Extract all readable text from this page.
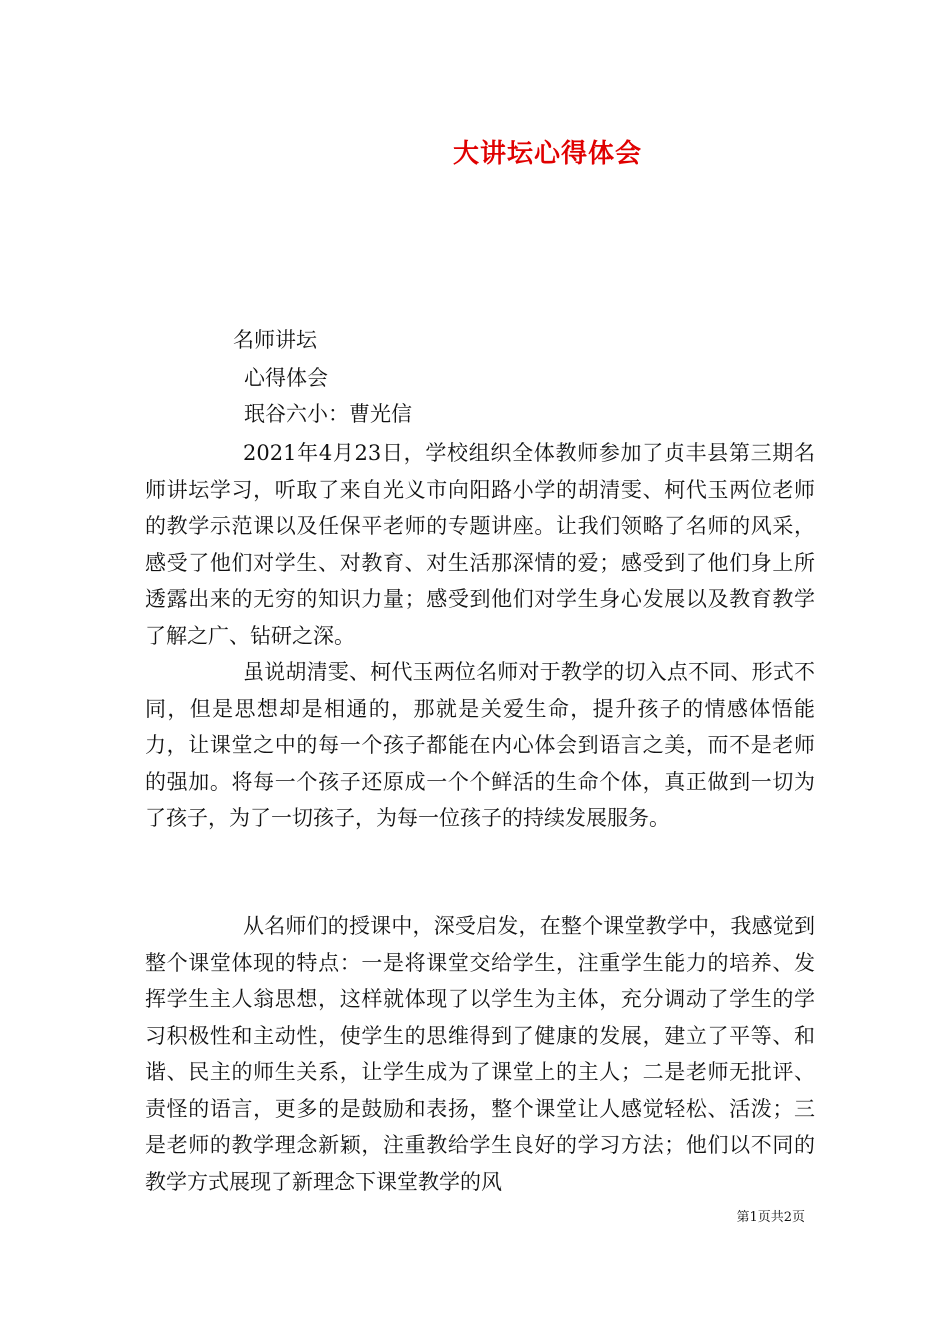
大讲坛心得体会
名师讲坛
心得体会
珉谷六小：曹光信

2021年4月23日，学校组织全体教师参加了贞丰县第三期名师讲坛学习，听取了来自光义市向阳路小学的胡清雯、柯代玉两位老师的教学示范课以及任保平老师的专题讲座。让我们领略了名师的风采，感受了他们对学生、对教育、对生活那深情的爱；感受到了他们身上所透露出来的无穷的知识力量；感受到他们对学生身心发展以及教育教学了解之广、钻研之深。

虽说胡清雯、柯代玉两位名师对于教学的切入点不同、形式不同，但是思想却是相通的，那就是关爱生命，提升孩子的情感体悟能力，让课堂之中的每一个孩子都能在内心体会到语言之美，而不是老师的强加。将每一个孩子还原成一个个鲜活的生命个体，真正做到一切为了孩子，为了一切孩子，为每一位孩子的持续发展服务。

从名师们的授课中，深受启发，在整个课堂教学中，我感觉到整个课堂体现的特点：一是将课堂交给学生，注重学生能力的培养、发挥学生主人翁思想，这样就体现了以学生为主体，充分调动了学生的学习积极性和主动性，使学生的思维得到了健康的发展，建立了平等、和谐、民主的师生关系，让学生成为了课堂上的主人；二是老师无批评、责怪的语言，更多的是鼓励和表扬，整个课堂让人感觉轻松、活泼；三是老师的教学理念新颖，注重教给学生良好的学习方法；他们以不同的教学方式展现了新理念下课堂教学的风

第1页共2页
